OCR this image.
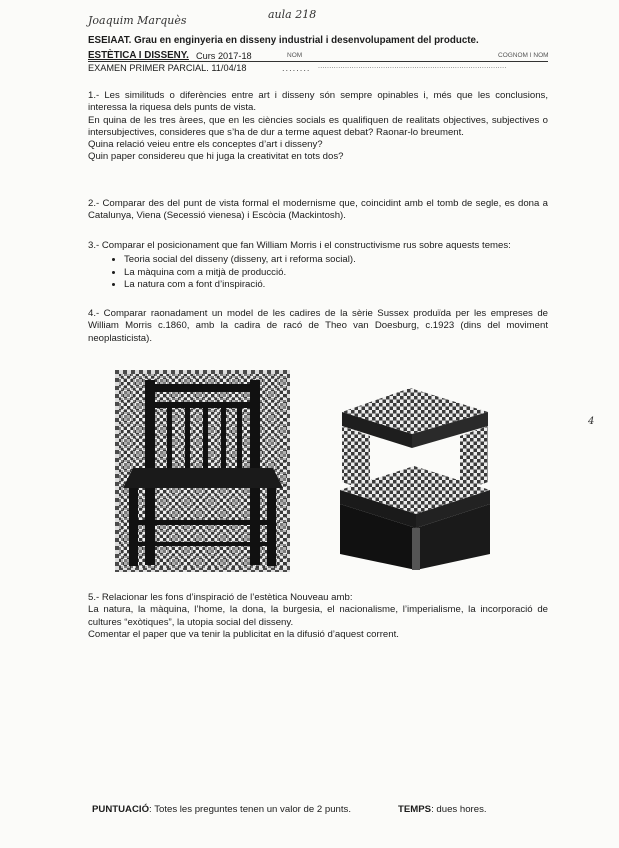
Joaquim Marquès	aula 218
4
ESEIAAT. Grau en enginyeria en disseny industrial i desenvolupament del producte.
ESTÈTICA I DISSENY. Curs 2017-18	NOM	COGNOM I NOM
EXAMEN PRIMER PARCIAL. 11/04/18	........ ....................................................................................

1.- Les similituds o diferències entre art i disseny són sempre opinables i, més que les conclusions, interessa la riquesa dels punts de vista.

En quina de les tres àrees, que en les ciències socials es qualifiquen de realitats objectives, subjectives o intersubjectives, consideres que s’ha de dur a terme aquest debat? Raonar-lo breument.

Quina relació veieu entre els conceptes d’art i disseny?

Quin paper considereu que hi juga la creativitat en tots dos?

2.- Comparar des del punt de vista formal el modernisme que, coincidint amb el tomb de segle, es dona a Catalunya, Viena (Secessió vienesa) i Escòcia (Mackintosh).

3.- Comparar el posicionament que fan William Morris i el constructivisme rus sobre aquests temes:

• Teoria social del disseny (disseny, art i reforma social).
• La màquina com a mitjà de producció.
• La natura com a font d’inspiració.

4.- Comparar raonadament un model de les cadires de la sèrie Sussex produïda per les empreses de William Morris c.1860, amb la cadira de racó de Theo van Doesburg, c.1923 (dins del moviment neoplasticista).

5.- Relacionar les fons d’inspiració de l’estètica Nouveau amb:

La natura, la màquina, l’home, la dona, la burgesia, el nacionalisme, l’imperialisme, la incorporació de cultures “exòtiques”, la utopia social del disseny.

Comentar el paper que va tenir la publicitat en la difusió d’aquest corrent.

PUNTUACIÓ: Totes les preguntes tenen un valor de 2 punts.	TEMPS: dues hores.
